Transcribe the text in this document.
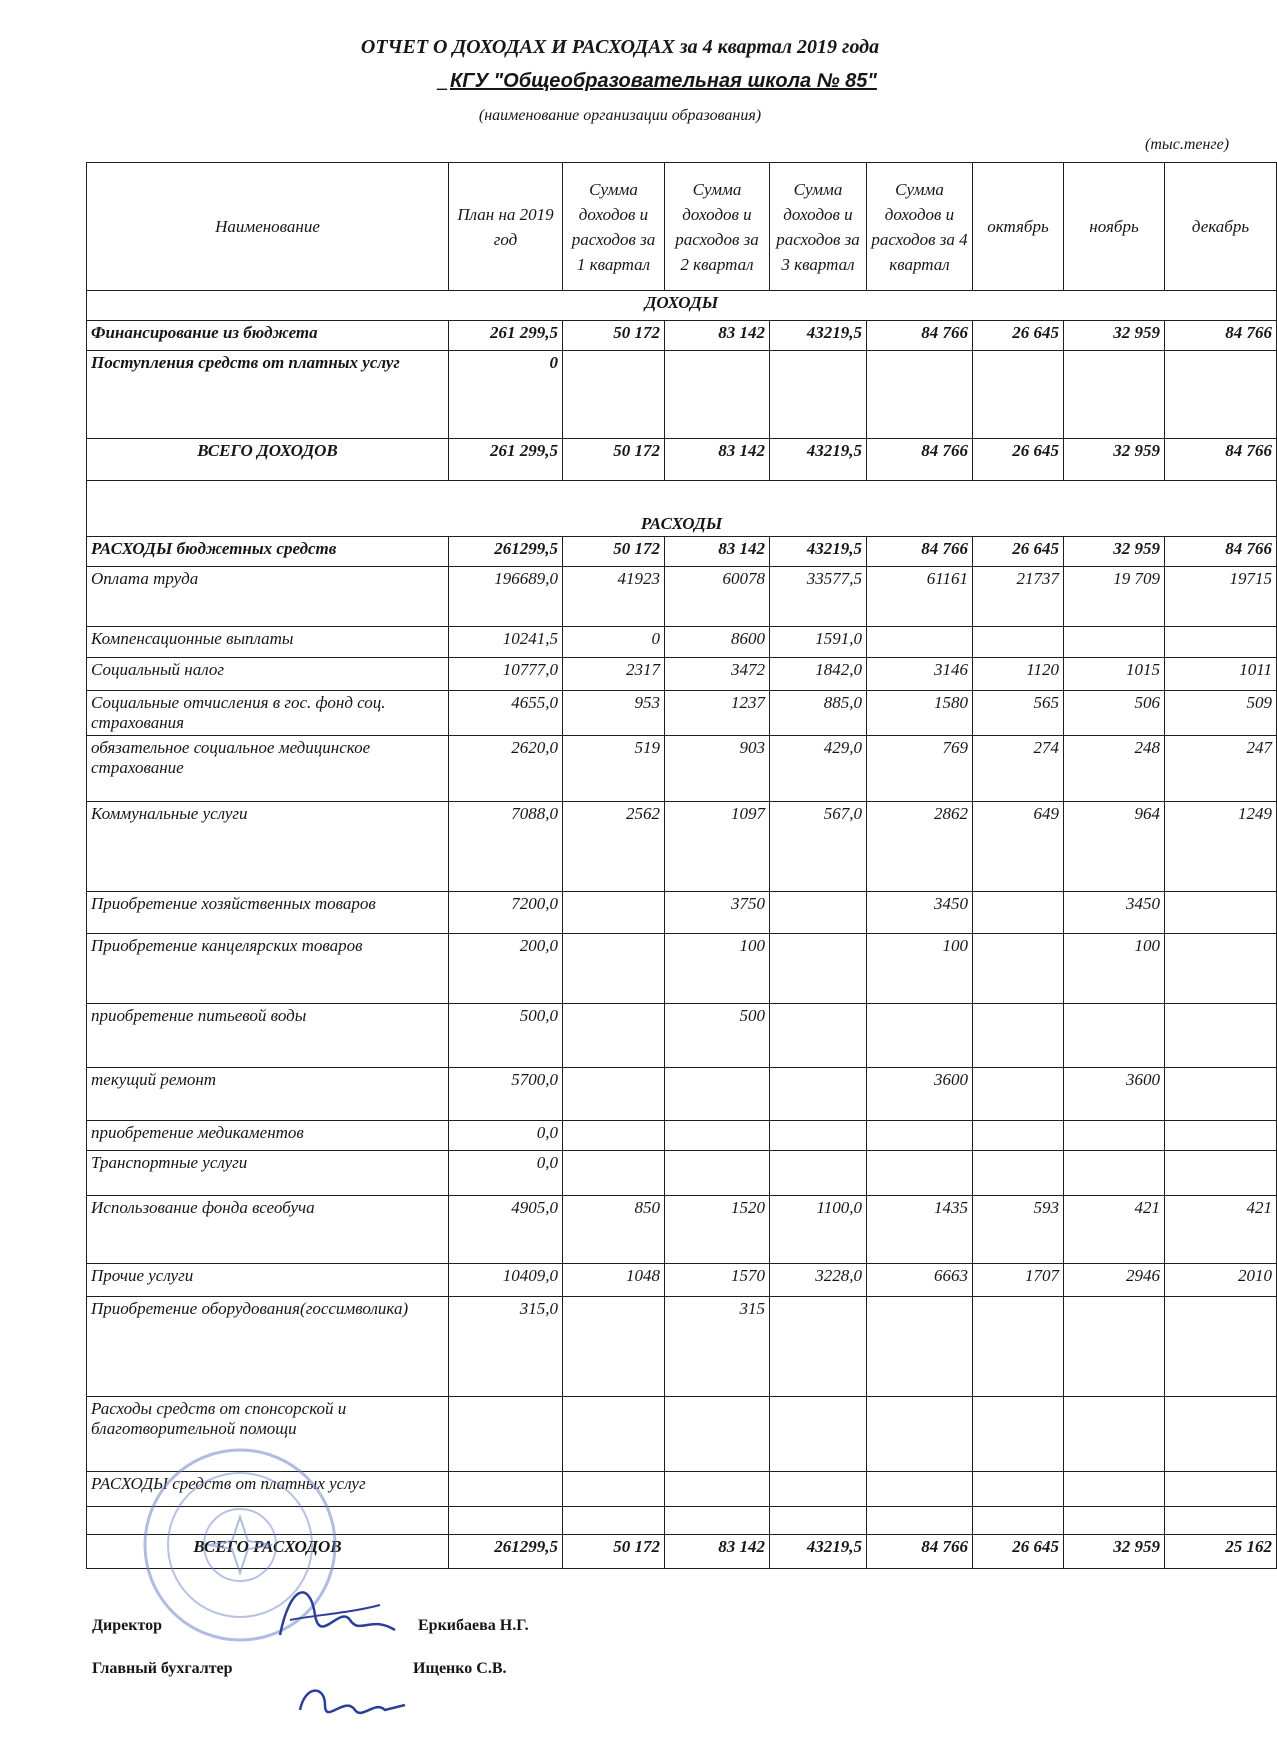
ОТЧЕТ О ДОХОДАХ И РАСХОДАХ за 4 квартал 2019 года
_ КГУ "Общеобразовательная школа № 85"
(наименование организации образования)
(тыс.тенге)
Наименование	План на 2019 год	Сумма доходов и расходов за 1 квартал	Сумма доходов и расходов за 2 квартал	Сумма доходов и расходов за 3 квартал	Сумма доходов и расходов за 4 квартал	октябрь	ноябрь	декабрь
ДОХОДЫ								
Финансирование из бюджета	261 299,5	50 172	83 142	43219,5	84 766	26 645	32 959	84 766
Поступления средств от платных услуг	0							
ВСЕГО ДОХОДОВ	261 299,5	50 172	83 142	43219,5	84 766	26 645	32 959	84 766
РАСХОДЫ								
РАСХОДЫ бюджетных средств	261299,5	50 172	83 142	43219,5	84 766	26 645	32 959	84 766
Оплата труда	196689,0	41923	60078	33577,5	61161	21737	19 709	19715
Компенсационные выплаты	10241,5	0	8600	1591,0				
Социальный налог	10777,0	2317	3472	1842,0	3146	1120	1015	1011
Социальные отчисления в гос. фонд соц. страхования	4655,0	953	1237	885,0	1580	565	506	509
обязательное социальное медицинское страхование	2620,0	519	903	429,0	769	274	248	247
Коммунальные услуги	7088,0	2562	1097	567,0	2862	649	964	1249
Приобретение хозяйственных товаров	7200,0		3750		3450		3450	
Приобретение канцелярских товаров	200,0		100		100		100	
приобретение питьевой воды	500,0		500					
текущий ремонт	5700,0				3600		3600	
приобретение медикаментов	0,0							
Транспортные услуги	0,0							
Использование фонда всеобуча	4905,0	850	1520	1100,0	1435	593	421	421
Прочие услуги	10409,0	1048	1570	3228,0	6663	1707	2946	2010
Приобретение оборудования(госсимволика)	315,0		315					
Расходы средств от спонсорской и благотворительной помощи								
РАСХОДЫ средств от платных услуг								

ВСЕГО РАСХОДОВ	261299,5	50 172	83 142	43219,5	84 766	26 645	32 959	25 162
Директор	Еркибаева Н.Г.
Главный бухгалтер	Ищенко С.В.
